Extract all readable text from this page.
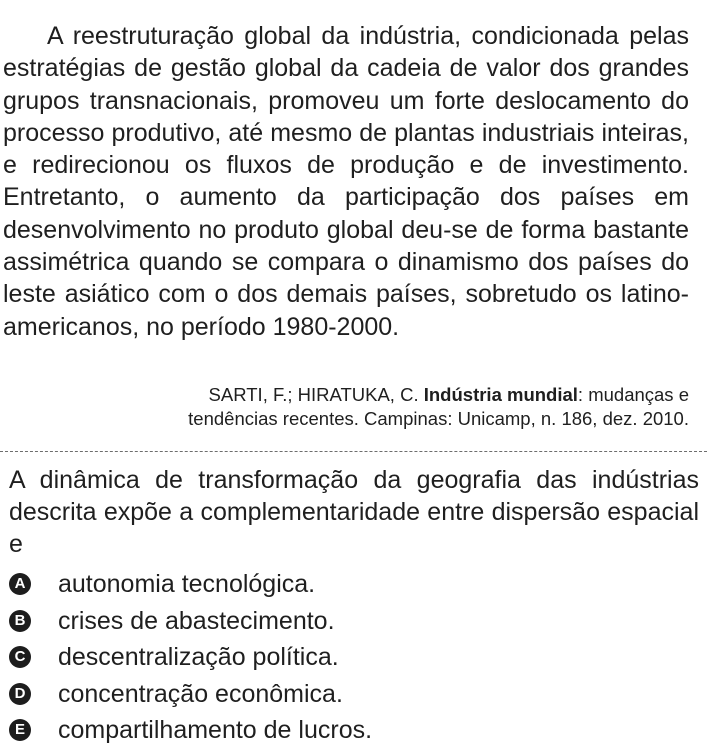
A reestruturação global da indústria, condicionada pelas estratégias de gestão global da cadeia de valor dos grandes grupos transnacionais, promoveu um forte deslocamento do processo produtivo, até mesmo de plantas industriais inteiras, e redirecionou os fluxos de produção e de investimento. Entretanto, o aumento da participação dos países em desenvolvimento no produto global deu-se de forma bastante assimétrica quando se compara o dinamismo dos países do leste asiático com o dos demais países, sobretudo os latino-americanos, no período 1980-2000.

SARTI, F.; HIRATUKA, C. Indústria mundial: mudanças e
tendências recentes. Campinas: Unicamp, n. 186, dez. 2010.

A dinâmica de transformação da geografia das indústrias descrita expõe a complementaridade entre dispersão espacial e

A autonomia tecnológica.
B crises de abastecimento.
C descentralização política.
D concentração econômica.
E compartilhamento de lucros.
